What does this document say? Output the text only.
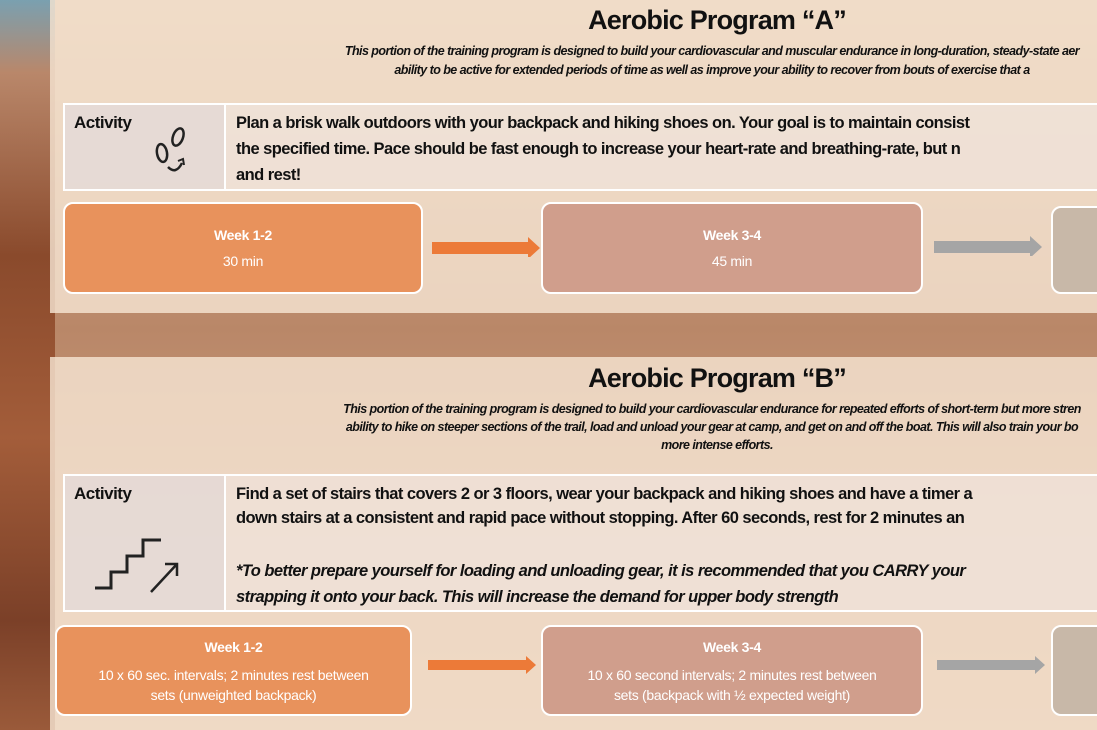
Aerobic Program “A”
This portion of the training program is designed to build your cardiovascular and muscular endurance in long-duration, steady-state aer
ability to be active for extended periods of time as well as improve your ability to recover from bouts of exercise that a
Activity	Plan a brisk walk outdoors with your backpack and hiking shoes on. Your goal is to maintain consist
the specified time. Pace should be fast enough to increase your heart-rate and breathing-rate, but n
and rest!
Week 1-2
30 min
Week 3-4
45 min
Aerobic Program “B”
This portion of the training program is designed to build your cardiovascular endurance for repeated efforts of short-term but more stren
ability to hike on steeper sections of the trail, load and unload your gear at camp, and get on and off the boat. This will also train your bo
more intense efforts.
Activity	Find a set of stairs that covers 2 or 3 floors, wear your backpack and hiking shoes and have a timer a
down stairs at a consistent and rapid pace without stopping. After 60 seconds, rest for 2 minutes an
*To better prepare yourself for loading and unloading gear, it is recommended that you CARRY your
strapping it onto your back. This will increase the demand for upper body strength
Week 1-2
10 x 60 sec. intervals; 2 minutes rest between
sets (unweighted backpack)
Week 3-4
10 x 60 second intervals; 2 minutes rest between
sets (backpack with ½ expected weight)
